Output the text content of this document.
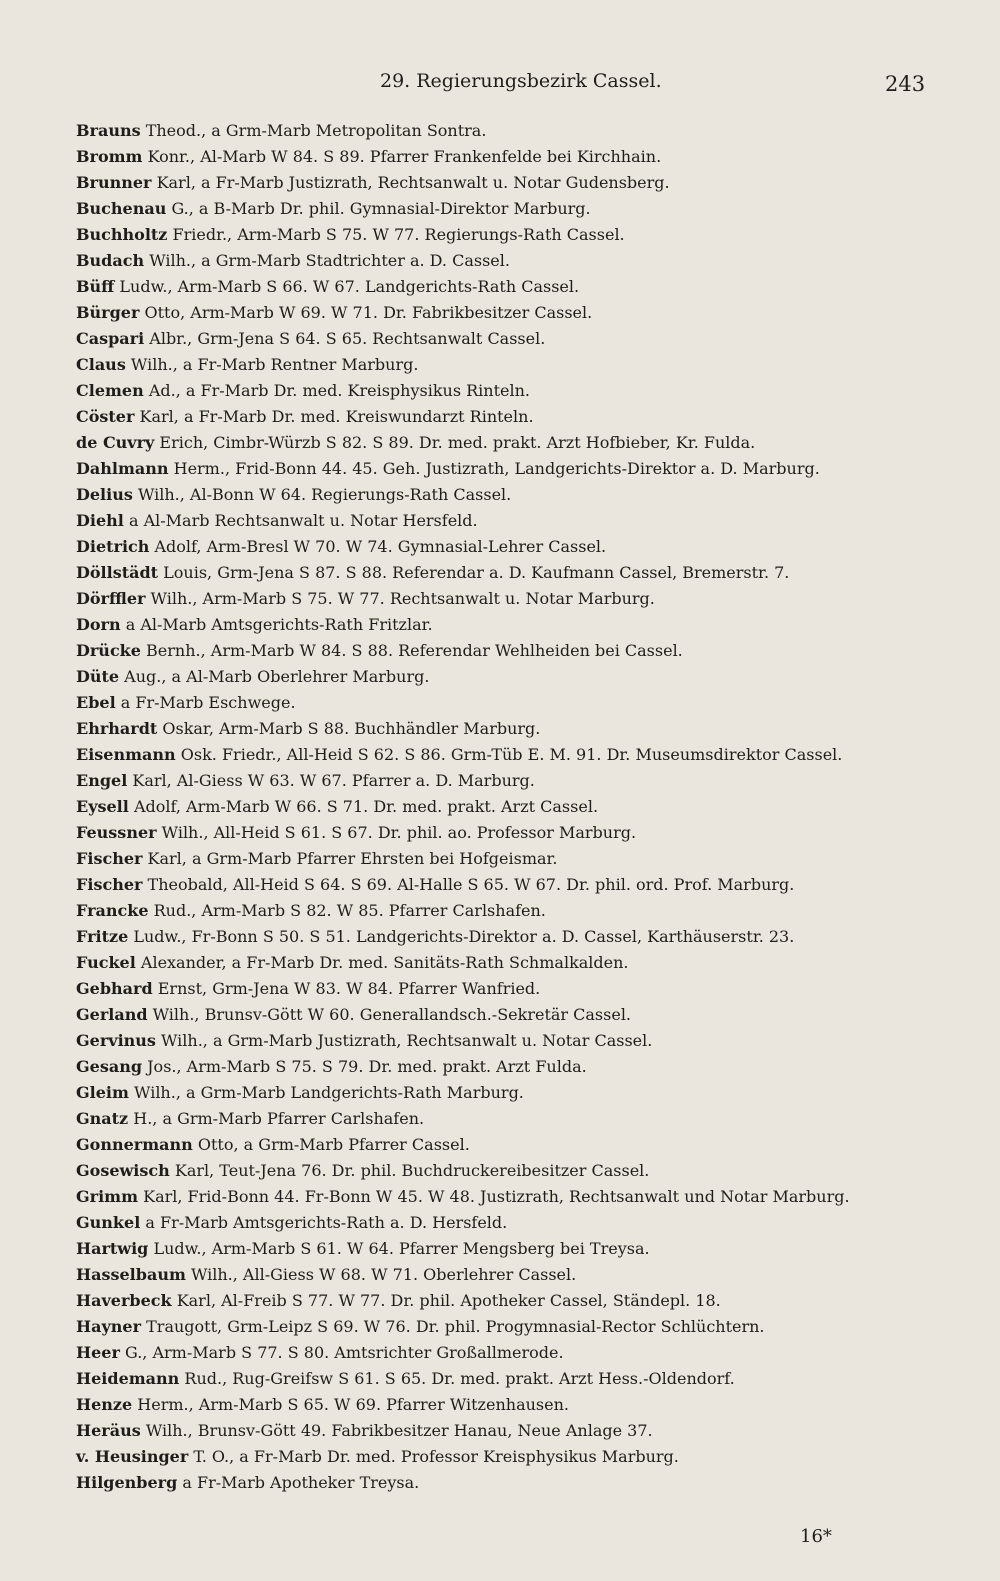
29. Regierungsbezirk Cassel.	243
Brauns Theod., a Grm-Marb Metropolitan Sontra.
Bromm Konr., Al-Marb W 84. S 89. Pfarrer Frankenfelde bei Kirchhain.
Brunner Karl, a Fr-Marb Justizrath, Rechtsanwalt u. Notar Gudensberg.
Buchenau G., a B-Marb Dr. phil. Gymnasial-Direktor Marburg.
Buchholtz Friedr., Arm-Marb S 75. W 77. Regierungs-Rath Cassel.
Budach Wilh., a Grm-Marb Stadtrichter a. D. Cassel.
Büff Ludw., Arm-Marb S 66. W 67. Landgerichts-Rath Cassel.
Bürger Otto, Arm-Marb W 69. W 71. Dr. Fabrikbesitzer Cassel.
Caspari Albr., Grm-Jena S 64. S 65. Rechtsanwalt Cassel.
Claus Wilh., a Fr-Marb Rentner Marburg.
Clemen Ad., a Fr-Marb Dr. med. Kreisphysikus Rinteln.
Cöster Karl, a Fr-Marb Dr. med. Kreiswundarzt Rinteln.
de Cuvry Erich, Cimbr-Würzb S 82. S 89. Dr. med. prakt. Arzt Hofbieber, Kr. Fulda.
Dahlmann Herm., Frid-Bonn 44. 45. Geh. Justizrath, Landgerichts-Direktor a. D. Marburg.
Delius Wilh., Al-Bonn W 64. Regierungs-Rath Cassel.
Diehl a Al-Marb Rechtsanwalt u. Notar Hersfeld.
Dietrich Adolf, Arm-Bresl W 70. W 74. Gymnasial-Lehrer Cassel.
Döllstädt Louis, Grm-Jena S 87. S 88. Referendar a. D. Kaufmann Cassel, Bremerstr. 7.
Dörffler Wilh., Arm-Marb S 75. W 77. Rechtsanwalt u. Notar Marburg.
Dorn a Al-Marb Amtsgerichts-Rath Fritzlar.
Drücke Bernh., Arm-Marb W 84. S 88. Referendar Wehlheiden bei Cassel.
Düte Aug., a Al-Marb Oberlehrer Marburg.
Ebel a Fr-Marb Eschwege.
Ehrhardt Oskar, Arm-Marb S 88. Buchhändler Marburg.
Eisenmann Osk. Friedr., All-Heid S 62. S 86. Grm-Tüb E. M. 91. Dr. Museumsdirektor Cassel.
Engel Karl, Al-Giess W 63. W 67. Pfarrer a. D. Marburg.
Eysell Adolf, Arm-Marb W 66. S 71. Dr. med. prakt. Arzt Cassel.
Feussner Wilh., All-Heid S 61. S 67. Dr. phil. ao. Professor Marburg.
Fischer Karl, a Grm-Marb Pfarrer Ehrsten bei Hofgeismar.
Fischer Theobald, All-Heid S 64. S 69. Al-Halle S 65. W 67. Dr. phil. ord. Prof. Marburg.
Francke Rud., Arm-Marb S 82. W 85. Pfarrer Carlshafen.
Fritze Ludw., Fr-Bonn S 50. S 51. Landgerichts-Direktor a. D. Cassel, Karthäuserstr. 23.
Fuckel Alexander, a Fr-Marb Dr. med. Sanitäts-Rath Schmalkalden.
Gebhard Ernst, Grm-Jena W 83. W 84. Pfarrer Wanfried.
Gerland Wilh., Brunsv-Gött W 60. Generallandsch.-Sekretär Cassel.
Gervinus Wilh., a Grm-Marb Justizrath, Rechtsanwalt u. Notar Cassel.
Gesang Jos., Arm-Marb S 75. S 79. Dr. med. prakt. Arzt Fulda.
Gleim Wilh., a Grm-Marb Landgerichts-Rath Marburg.
Gnatz H., a Grm-Marb Pfarrer Carlshafen.
Gonnermann Otto, a Grm-Marb Pfarrer Cassel.
Gosewisch Karl, Teut-Jena 76. Dr. phil. Buchdruckereibesitzer Cassel.
Grimm Karl, Frid-Bonn 44. Fr-Bonn W 45. W 48. Justizrath, Rechtsanwalt und Notar Marburg.
Gunkel a Fr-Marb Amtsgerichts-Rath a. D. Hersfeld.
Hartwig Ludw., Arm-Marb S 61. W 64. Pfarrer Mengsberg bei Treysa.
Hasselbaum Wilh., All-Giess W 68. W 71. Oberlehrer Cassel.
Haverbeck Karl, Al-Freib S 77. W 77. Dr. phil. Apotheker Cassel, Ständepl. 18.
Hayner Traugott, Grm-Leipz S 69. W 76. Dr. phil. Progymnasial-Rector Schlüchtern.
Heer G., Arm-Marb S 77. S 80. Amtsrichter Großallmerode.
Heidemann Rud., Rug-Greifsw S 61. S 65. Dr. med. prakt. Arzt Hess.-Oldendorf.
Henze Herm., Arm-Marb S 65. W 69. Pfarrer Witzenhausen.
Heräus Wilh., Brunsv-Gött 49. Fabrikbesitzer Hanau, Neue Anlage 37.
v. Heusinger T. O., a Fr-Marb Dr. med. Professor Kreisphysikus Marburg.
Hilgenberg a Fr-Marb Apotheker Treysa.
16*
